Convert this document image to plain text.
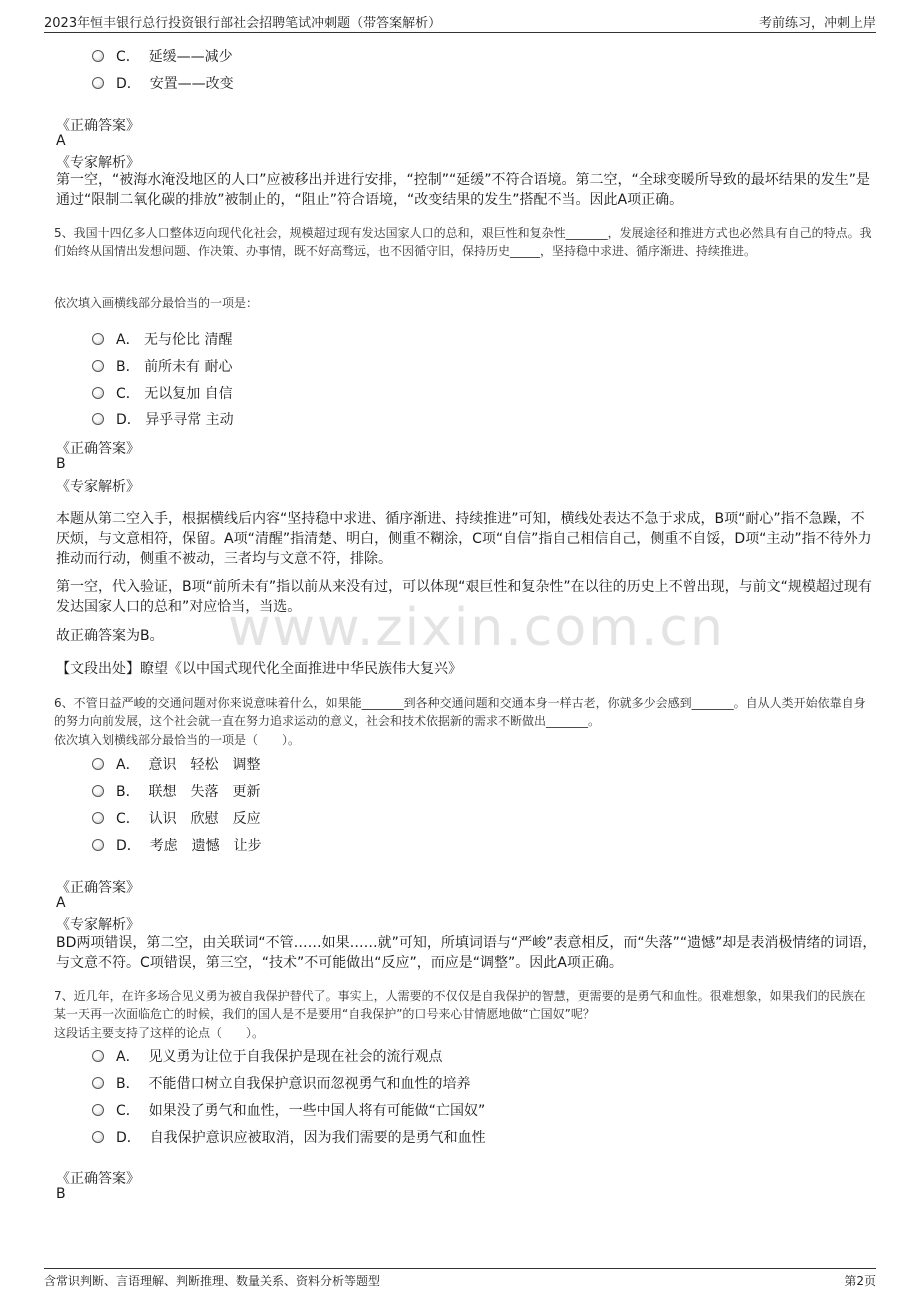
2023年恒丰银行总行投资银行部社会招聘笔试冲刺题（带答案解析）	考前练习，冲刺上岸
www.zixin.com.cn
C． 延缓——减少
D． 安置——改变
《正确答案》
A
《专家解析》
第一空，“被海水淹没地区的人口”应被移出并进行安排，“控制”“延缓”不符合语境。第二空，“全球变暖所导致的最坏结果的发生”是通过“限制二氧化碳的排放”被制止的，“阻止”符合语境，“改变结果的发生”搭配不当。因此A项正确。
5、我国十四亿多人口整体迈向现代化社会，规模超过现有发达国家人口的总和，艰巨性和复杂性_______，发展途径和推进方式也必然具有自己的特点。我们始终从国情出发想问题、作决策、办事情，既不好高骛远，也不因循守旧，保持历史_____，坚持稳中求进、循序渐进、持续推进。
依次填入画横线部分最恰当的一项是：
A． 无与伦比 清醒
B． 前所未有 耐心
C． 无以复加 自信
D． 异乎寻常 主动
《正确答案》
B
《专家解析》
本题从第二空入手，根据横线后内容“坚持稳中求进、循序渐进、持续推进”可知，横线处表达不急于求成，B项“耐心”指不急躁，不厌烦，与文意相符，保留。A项“清醒”指清楚、明白，侧重不糊涂，C项“自信”指自己相信自己，侧重不自馁，D项“主动”指不待外力推动而行动，侧重不被动，三者均与文意不符，排除。
第一空，代入验证，B项“前所未有”指以前从来没有过，可以体现“艰巨性和复杂性”在以往的历史上不曾出现，与前文“规模超过现有发达国家人口的总和”对应恰当，当选。
故正确答案为B。
【文段出处】瞭望《以中国式现代化全面推进中华民族伟大复兴》
6、不管日益严峻的交通问题对你来说意味着什么，如果能_______到各种交通问题和交通本身一样古老，你就多少会感到_______。自从人类开始依靠自身的努力向前发展，这个社会就一直在努力追求运动的意义，社会和技术依据新的需求不断做出_______。
依次填入划横线部分最恰当的一项是（　　）。
A． 意识　轻松　调整
B． 联想　失落　更新
C． 认识　欣慰　反应
D． 考虑　遗憾　让步
《正确答案》
A
《专家解析》
BD两项错误，第二空，由关联词“不管……如果……就”可知，所填词语与“严峻”表意相反，而“失落”“遗憾”却是表消极情绪的词语，与文意不符。C项错误，第三空，“技术”不可能做出“反应”，而应是“调整”。因此A项正确。
7、近几年，在许多场合见义勇为被自我保护替代了。事实上，人需要的不仅仅是自我保护的智慧，更需要的是勇气和血性。很难想象，如果我们的民族在某一天再一次面临危亡的时候，我们的国人是不是要用“自我保护”的口号来心甘情愿地做“亡国奴”呢？
这段话主要支持了这样的论点（　　）。
A． 见义勇为让位于自我保护是现在社会的流行观点
B． 不能借口树立自我保护意识而忽视勇气和血性的培养
C． 如果没了勇气和血性，一些中国人将有可能做“亡国奴”
D． 自我保护意识应被取消，因为我们需要的是勇气和血性
《正确答案》
B
含常识判断、言语理解、判断推理、数量关系、资料分析等题型	第2页
